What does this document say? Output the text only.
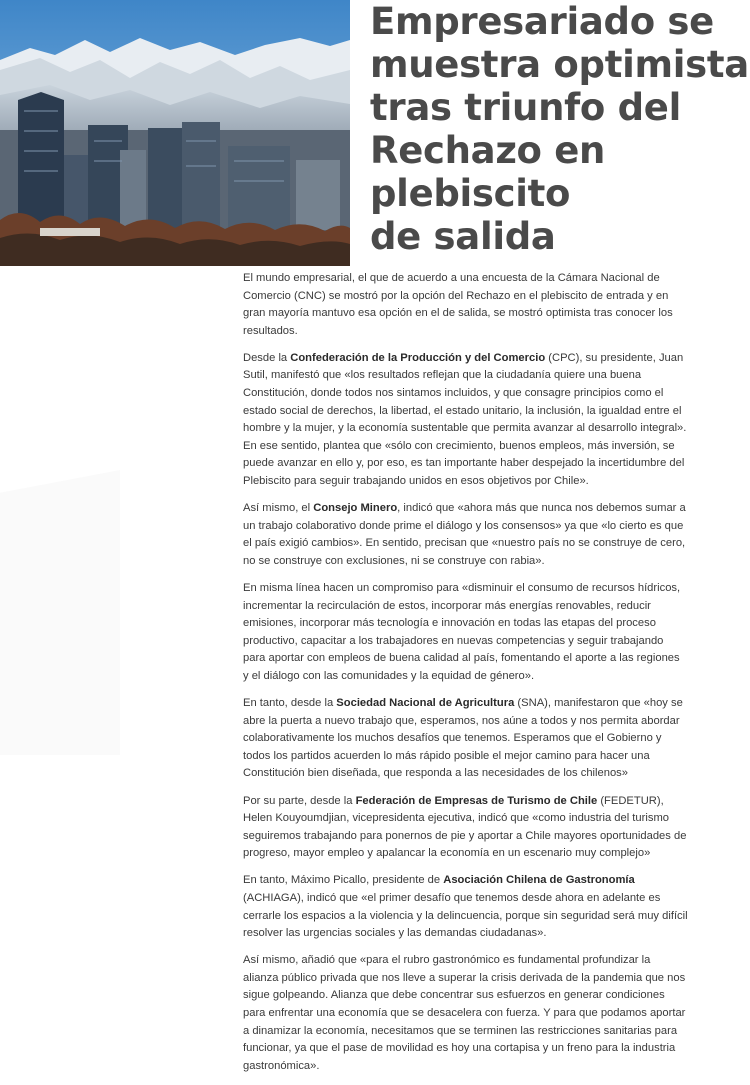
Empresariado se
muestra optimista
tras triunfo del
Rechazo en plebiscito
de salida

El mundo empresarial, el que de acuerdo a una encuesta de la Cámara Nacional de Comercio (CNC) se mostró por la opción del Rechazo en el plebiscito de entrada y en gran mayoría mantuvo esa opción en el de salida, se mostró optimista tras conocer los resultados.

Desde la Confederación de la Producción y del Comercio (CPC), su presidente, Juan Sutil, manifestó que «los resultados reflejan que la ciudadanía quiere una buena Constitución, donde todos nos sintamos incluidos, y que consagre principios como el estado social de derechos, la libertad, el estado unitario, la inclusión, la igualdad entre el hombre y la mujer, y la economía sustentable que permita avanzar al desarrollo integral». En ese sentido, plantea que «sólo con crecimiento, buenos empleos, más inversión, se puede avanzar en ello y, por eso, es tan importante haber despejado la incertidumbre del Plebiscito para seguir trabajando unidos en esos objetivos por Chile».

Así mismo, el Consejo Minero, indicó que «ahora más que nunca nos debemos sumar a un trabajo colaborativo donde prime el diálogo y los consensos» ya que «lo cierto es que el país exigió cambios». En sentido, precisan que «nuestro país no se construye de cero, no se construye con exclusiones, ni se construye con rabia».

En misma línea hacen un compromiso para «disminuir el consumo de recursos hídricos, incrementar la recirculación de estos, incorporar más energías renovables, reducir emisiones, incorporar más tecnología e innovación en todas las etapas del proceso productivo, capacitar a los trabajadores en nuevas competencias y seguir trabajando para aportar con empleos de buena calidad al país, fomentando el aporte a las regiones y el diálogo con las comunidades y la equidad de género».

En tanto, desde la Sociedad Nacional de Agricultura (SNA), manifestaron que «hoy se abre la puerta a nuevo trabajo que, esperamos, nos aúne a todos y nos permita abordar colaborativamente los muchos desafíos que tenemos. Esperamos que el Gobierno y todos los partidos acuerden lo más rápido posible el mejor camino para hacer una Constitución bien diseñada, que responda a las necesidades de los chilenos»

Por su parte, desde la Federación de Empresas de Turismo de Chile (FEDETUR), Helen Kouyoumdjian, vicepresidenta ejecutiva, indicó que «como industria del turismo seguiremos trabajando para ponernos de pie y aportar a Chile mayores oportunidades de progreso, mayor empleo y apalancar la economía en un escenario muy complejo»

En tanto, Máximo Picallo, presidente de Asociación Chilena de Gastronomía (ACHIAGA), indicó que «el primer desafío que tenemos desde ahora en adelante es cerrarle los espacios a la violencia y la delincuencia, porque sin seguridad será muy difícil resolver las urgencias sociales y las demandas ciudadanas».

Así mismo, añadió que «para el rubro gastronómico es fundamental profundizar la alianza público privada que nos lleve a superar la crisis derivada de la pandemia que nos sigue golpeando. Alianza que debe concentrar sus esfuerzos en generar condiciones para enfrentar una economía que se desacelera con fuerza. Y para que podamos aportar a dinamizar la economía, necesitamos que se terminen las restricciones sanitarias para funcionar, ya que el pase de movilidad es hoy una cortapisa y un freno para la industria gastronómica».
